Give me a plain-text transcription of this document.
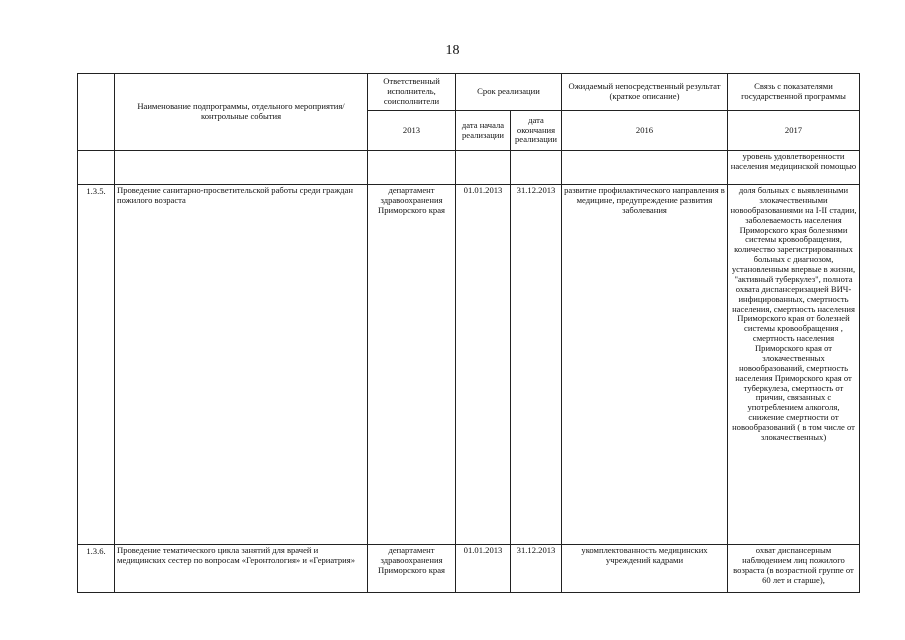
18
	Наименование подпрограммы, отдельного мероприятия/контрольные события	Ответственный исполнитель, соисполнители	Срок реализации		Ожидаемый непосредственный результат (краткое описание)	Связь с показателями государственной программы
		2013	дата начала реализации	дата окончания реализации	2016	2017
						уровень удовлетворенности населения медицинской помощью
1.3.5.	Проведение санитарно-просветительской работы среди граждан пожилого возраста	департамент здравоохранения Приморского края	01.01.2013	31.12.2013	развитие профилактического направления в медицине, предупреждение развития заболевания	доля больных с выявленными злокачественными новообразованиями на I-II стадии, заболеваемость населения Приморского края болезнями системы кровообращения, количество зарегистрированных больных с диагнозом, установленным впервые в жизни, "активный туберкулез", полнота охвата диспансеризацией ВИЧ-инфицированных, смертность населения, смертность населения Приморского края от болезней системы кровообращения , смертность населения Приморского края от злокачественных новообразований, смертность населения Приморского края от туберкулеза, смертность от причин, связанных с употреблением алкоголя, снижение смертности от новообразований ( в том числе от злокачественных)
1.3.6.	Проведение тематического цикла занятий для врачей и медицинских сестер по вопросам «Геронтология» и «Гериатрия»	департамент здравоохранения Приморского края	01.01.2013	31.12.2013	укомплектованность медицинских учреждений кадрами	охват диспансерным наблюдением лиц пожилого возраста (в возрастной группе от 60 лет и старше),
